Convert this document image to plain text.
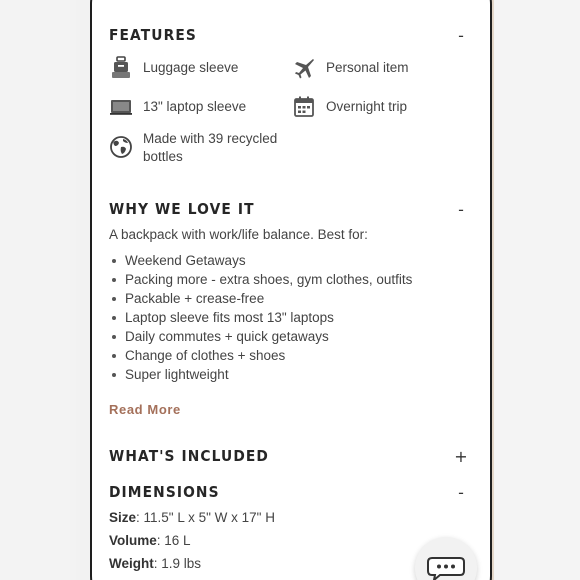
FEATURES	-
Luggage sleeve	Personal item
13" laptop sleeve	Overnight trip
Made with 39 recycled bottles
WHY WE LOVE IT	-
A backpack with work/life balance. Best for:
Weekend Getaways
Packing more - extra shoes, gym clothes, outfits
Packable + crease-free
Laptop sleeve fits most 13" laptops
Daily commutes + quick getaways
Change of clothes + shoes
Super lightweight
Read More
WHAT'S INCLUDED	+
DIMENSIONS	-
Size: 11.5" L x 5" W x 17" H
Volume: 16 L
Weight: 1.9 lbs
